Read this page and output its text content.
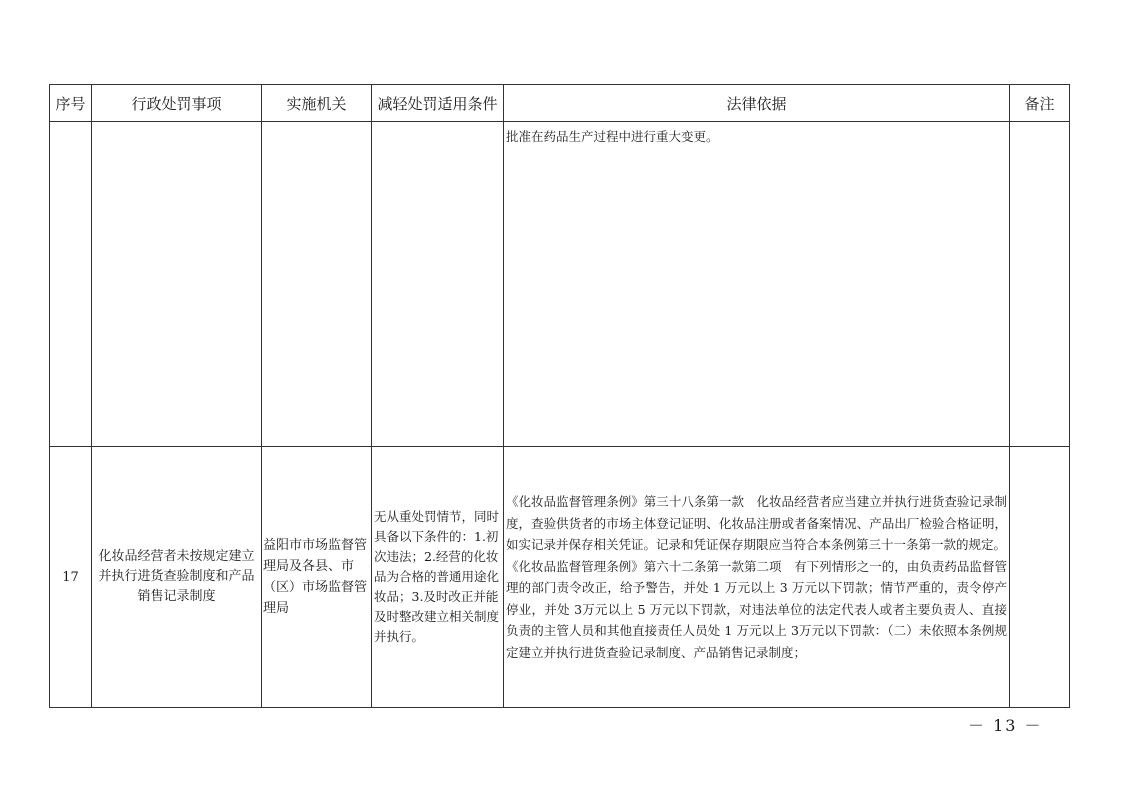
序号	行政处罚事项	实施机关	减轻处罚适用条件	法律依据	备注
				批准在药品生产过程中进行重大变更。	
17	化妆品经营者未按规定建立并执行进货查验制度和产品销售记录制度	益阳市市场监督管理局及各县、市（区）市场监督管理局	无从重处罚情节，同时具备以下条件的：1.初次违法；2.经营的化妆品为合格的普通用途化妆品；3.及时改正并能及时整改建立相关制度并执行。	《化妆品监督管理条例》第三十八条第一款　化妆品经营者应当建立并执行进货查验记录制度，查验供货者的市场主体登记证明、化妆品注册或者备案情况、产品出厂检验合格证明，如实记录并保存相关凭证。记录和凭证保存期限应当符合本条例第三十一条第一款的规定。

《化妆品监督管理条例》第六十二条第一款第二项　有下列情形之一的，由负责药品监督管理的部门责令改正，给予警告，并处 1 万元以上 3 万元以下罚款；情节严重的，责令停产停业，并处 3万元以上 5 万元以下罚款，对违法单位的法定代表人或者主要负责人、直接负责的主管人员和其他直接责任人员处 1 万元以上 3万元以下罚款：（二）未依照本条例规定建立并执行进货查验记录制度、产品销售记录制度；	

－ 13 －
